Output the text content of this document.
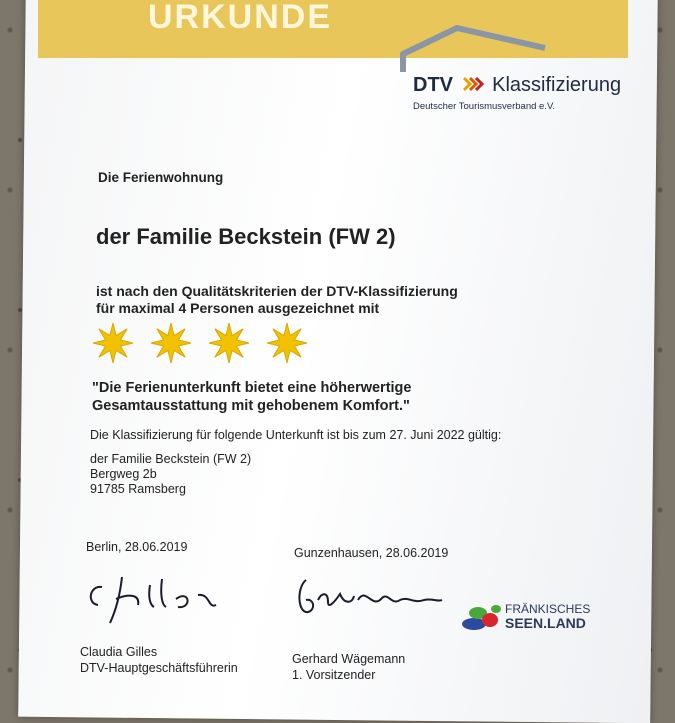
URKUNDE
DTV Klassifizierung
Deutscher Tourismusverband e.V.
Die Ferienwohnung
der Familie Beckstein (FW 2)
ist nach den Qualitätskriterien der DTV-Klassifizierung
für maximal 4 Personen ausgezeichnet mit
"Die Ferienunterkunft bietet eine höherwertige
Gesamtausstattung mit gehobenem Komfort."
Die Klassifizierung für folgende Unterkunft ist bis zum 27. Juni 2022 gültig:
der Familie Beckstein (FW 2)
Bergweg 2b
91785 Ramsberg
Berlin, 28.06.2019	Gunzenhausen, 28.06.2019
Claudia Gilles
DTV-Hauptgeschäftsführerin
Gerhard Wägemann
1. Vorsitzender
FRÄNKISCHES
SEEN.LAND
